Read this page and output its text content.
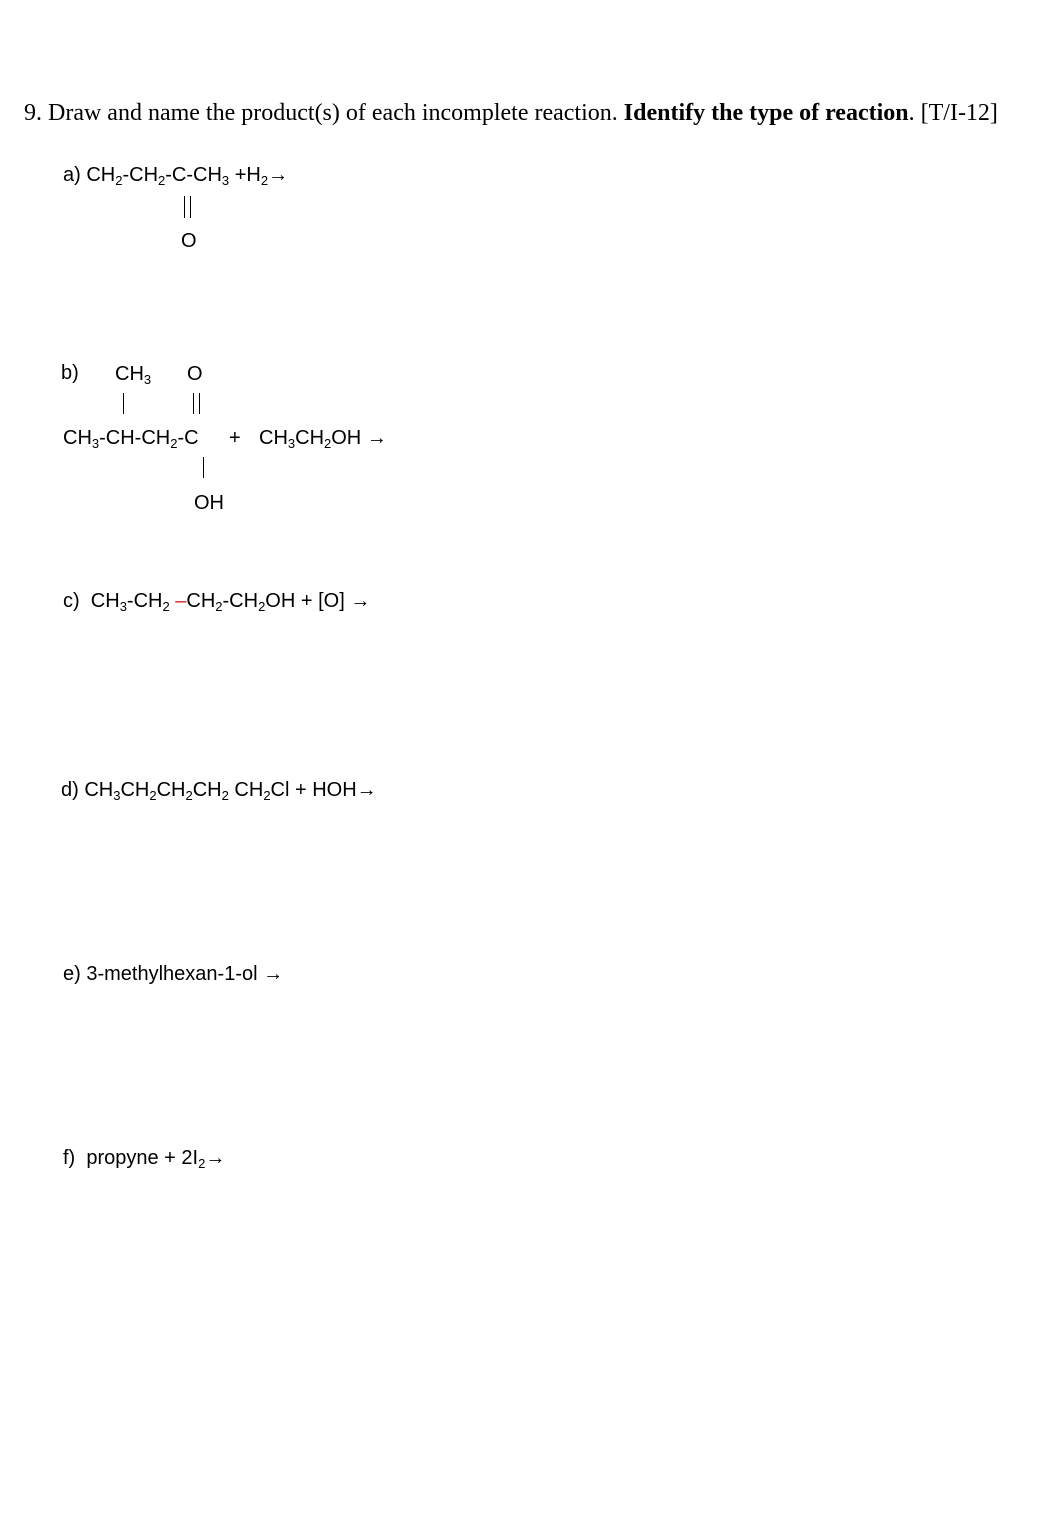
9. Draw and name the product(s) of each incomplete reaction. Identify the type of reaction. [T/I-12]
a) $CH_2-CH_2-C-CH_3 +H_2\to$
O
b) $CH_3$ O
$CH_3-CH-CH_2-C + CH_3CH_2OH$ →
OH
c) $CH_3-CH_2$ $-CH_2-CH_2OH + [O]$ →
d) $CH_3CH_2CH_2CH_2$ $CH_2Cl + HOH\to$
e) 3-methylhexan-1-ol →
f) propyne + $2I_2\to$
